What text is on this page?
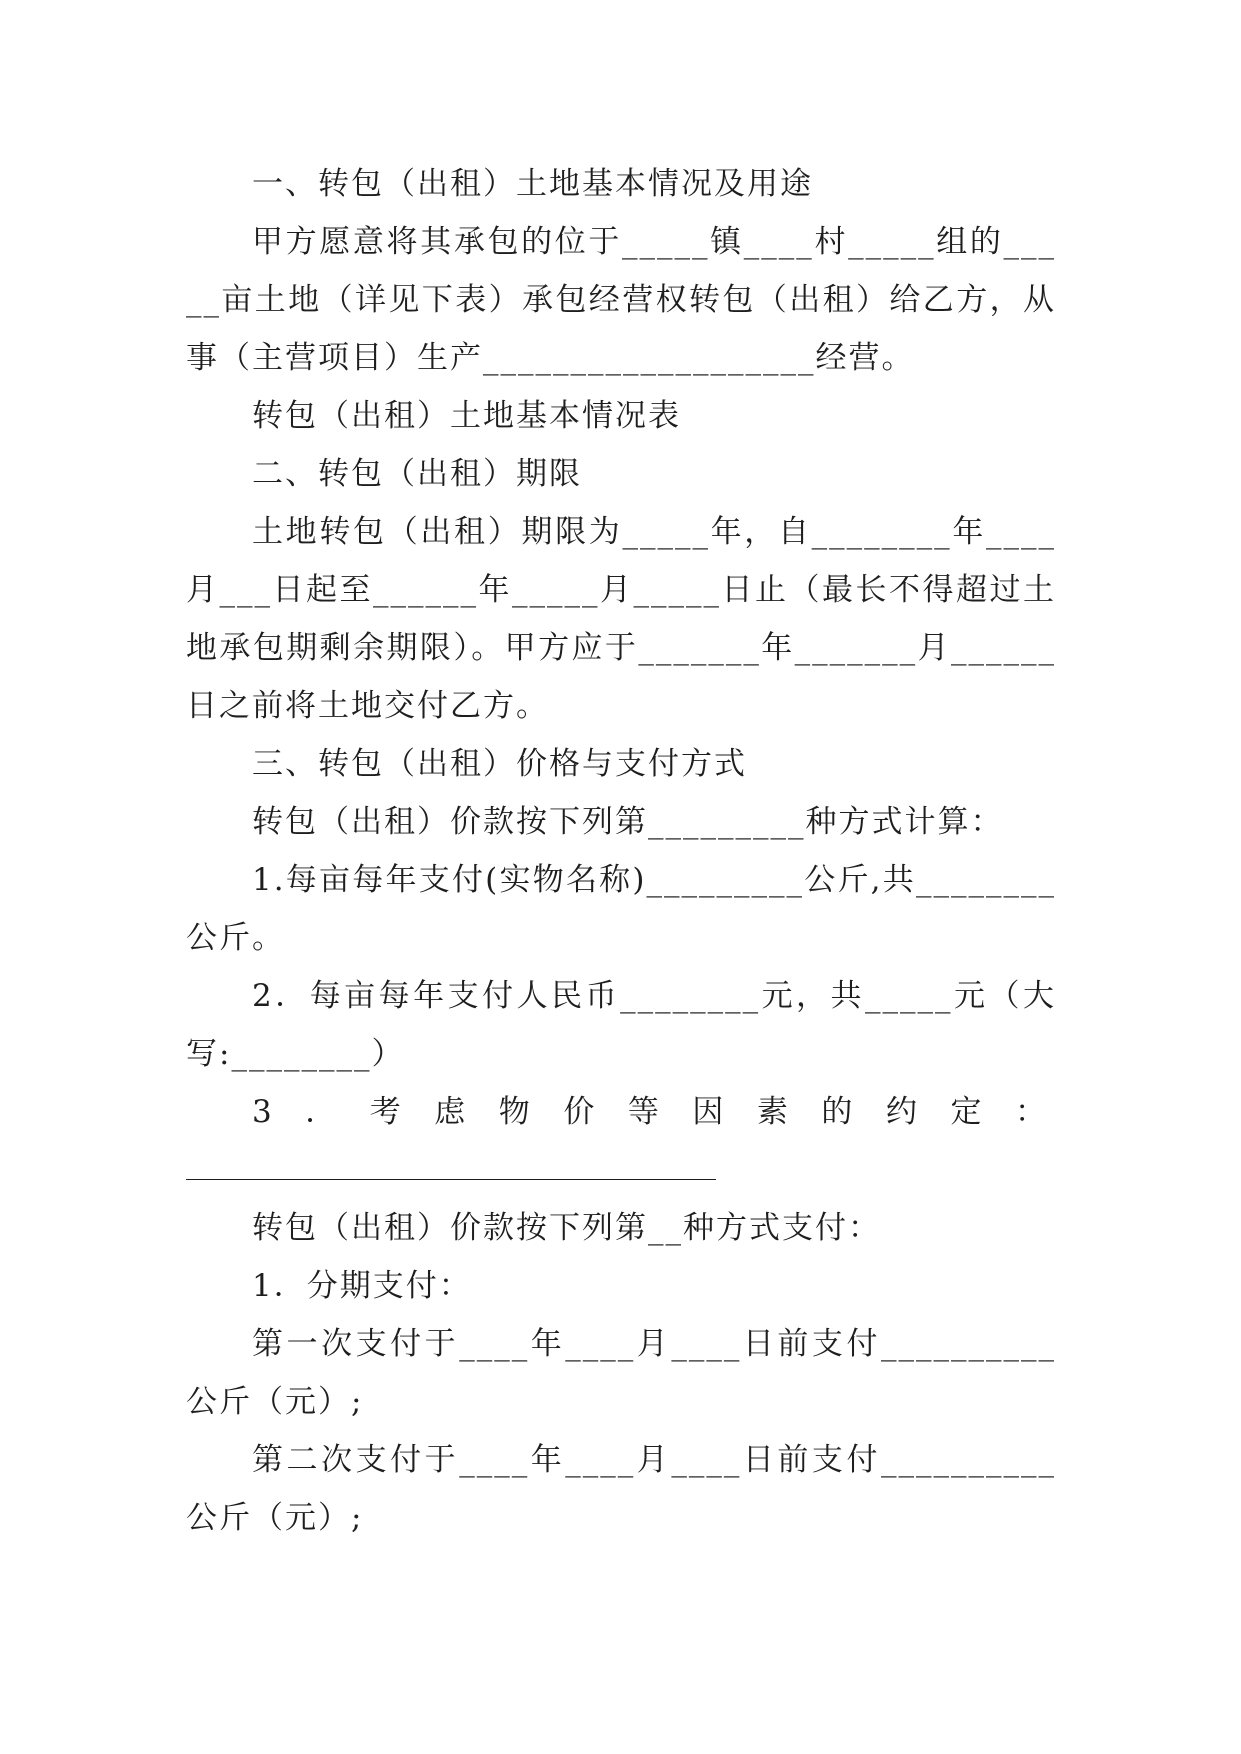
一、转包（出租）土地基本情况及用途

甲方愿意将其承包的位于_____镇____村_____组的_____亩土地（详见下表）承包经营权转包（出租）给乙方，从事（主营项目）生产___________________经营。

转包（出租）土地基本情况表

二、转包（出租）期限

土地转包（出租）期限为_____年，自________年____月___日起至______年_____月_____日止（最长不得超过土地承包期剩余期限）。甲方应于_______年_______月______日之前将土地交付乙方。

三、转包（出租）价格与支付方式

转包（出租）价款按下列第_________种方式计算：

1.每亩每年支付(实物名称)_________公斤,共________公斤。

2．每亩每年支付人民币________元，共_____元（大写:________）

3．考虑物价等因素的约定：

转包（出租）价款按下列第__种方式支付：

1．分期支付：

第一次支付于____年____月____日前支付__________公斤（元）;

第二次支付于____年____月____日前支付__________公斤（元）;
